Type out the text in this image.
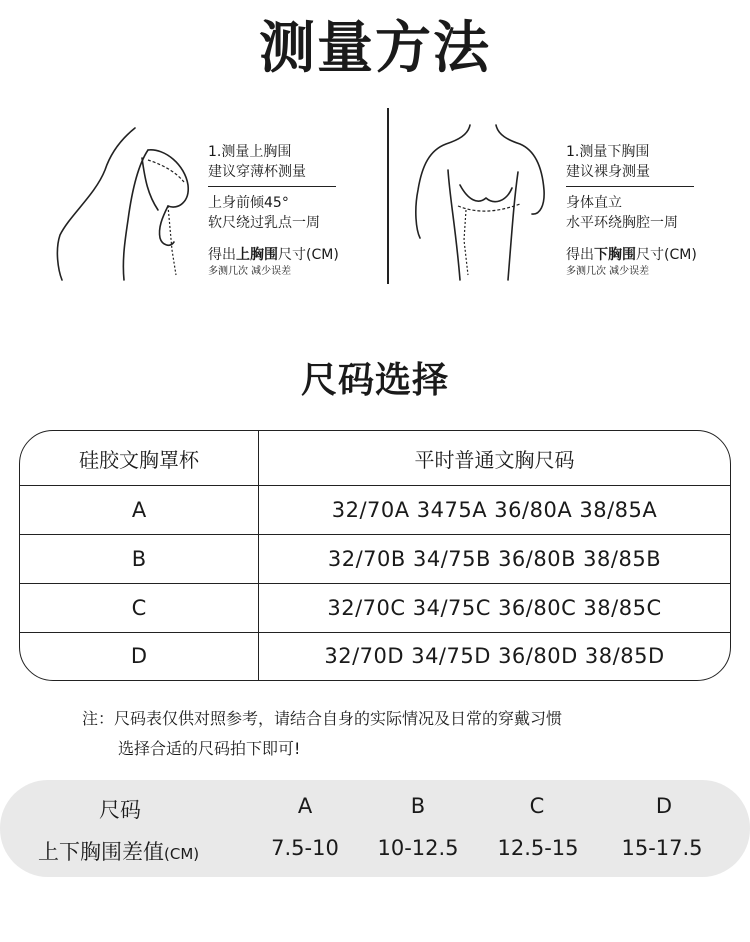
测量方法
1.测量上胸围
建议穿薄杯测量
上身前倾45°
软尺绕过乳点一周
得出上胸围尺寸(CM)
多测几次 减少误差
1.测量下胸围
建议裸身测量
身体直立
水平环绕胸腔一周
得出下胸围尺寸(CM)
多测几次 减少误差
尺码选择
硅胶文胸罩杯	平时普通文胸尺码
A	32/70A 3475A 36/80A 38/85A
B	32/70B 34/75B 36/80B 38/85B
C	32/70C 34/75C 36/80C 38/85C
D	32/70D 34/75D 36/80D 38/85D
注：尺码表仅供对照参考，请结合自身的实际情况及日常的穿戴习惯
选择合适的尺码拍下即可!
尺码	A	B	C	D
上下胸围差值(CM)	7.5-10	10-12.5	12.5-15	15-17.5
